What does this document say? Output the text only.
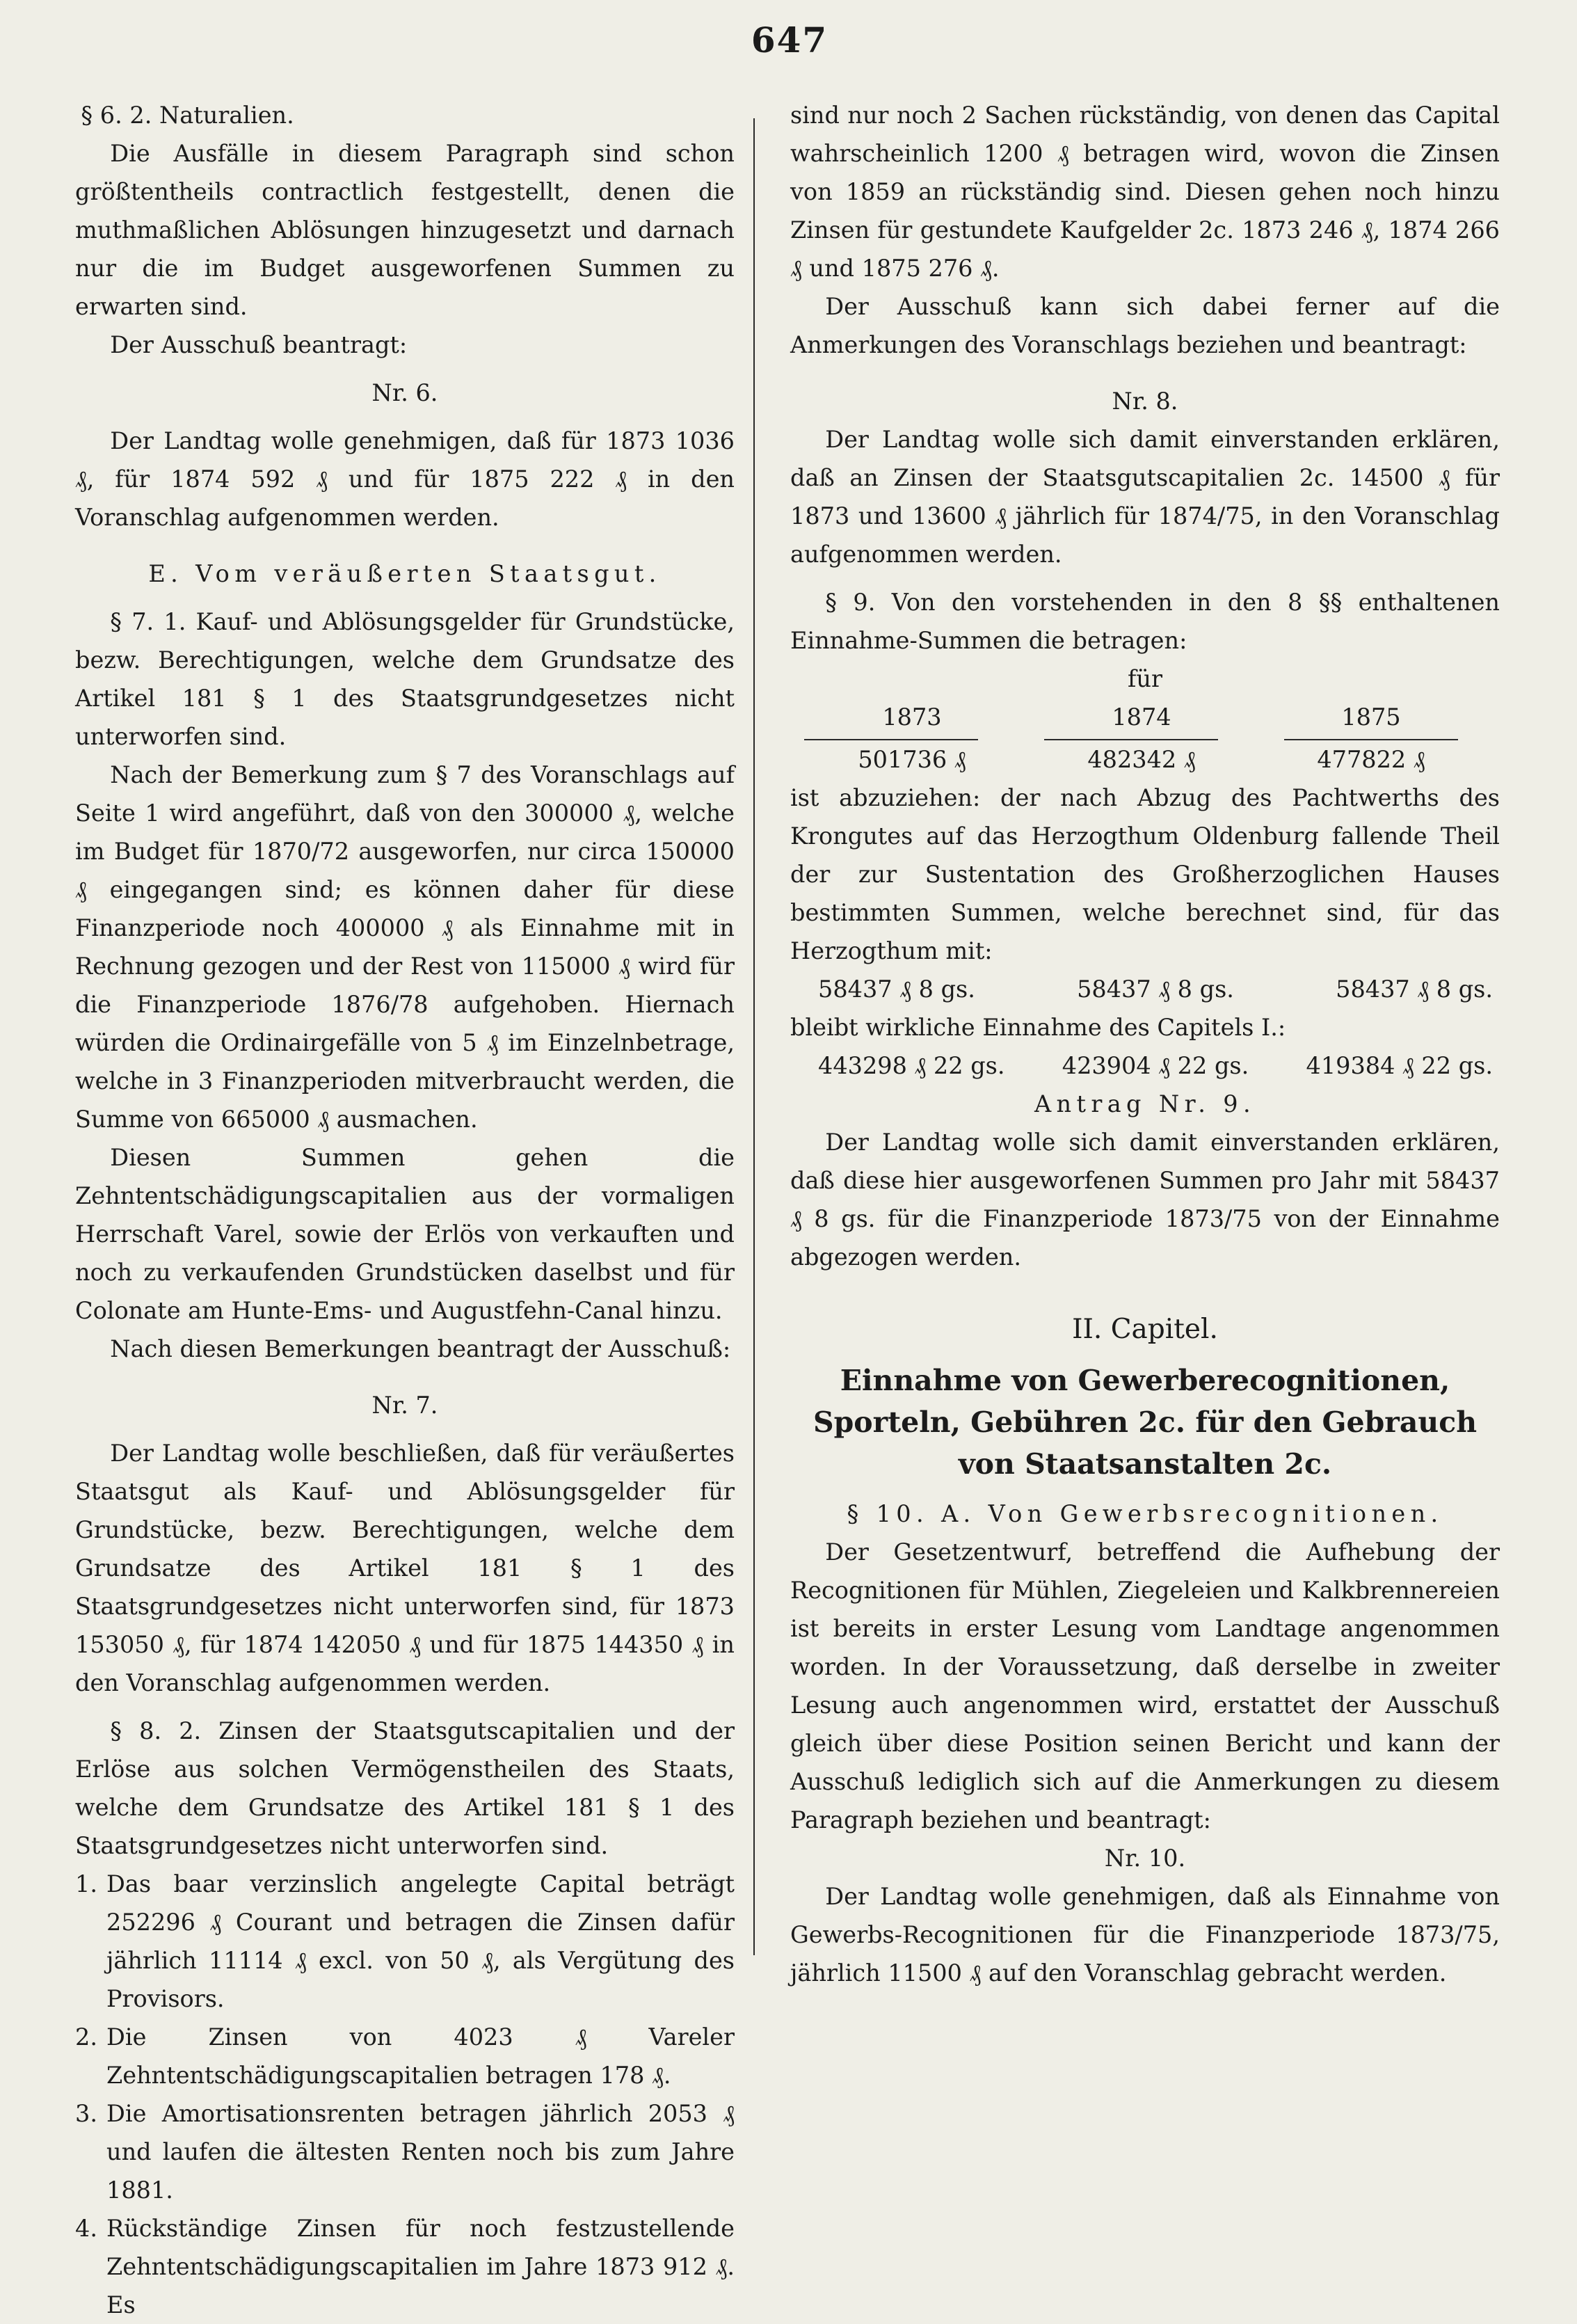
647

§ 6. 2. Naturalien.

Die Ausfälle in diesem Paragraph sind schon größtentheils contractlich festgestellt, denen die muthmaßlichen Ablösungen hinzugesetzt und darnach nur die im Budget ausgeworfenen Summen zu erwarten sind.

Der Ausschuß beantragt:

Nr. 6.

Der Landtag wolle genehmigen, daß für 1873 1036 ₰, für 1874 592 ₰ und für 1875 222 ₰ in den Voranschlag aufgenommen werden.

E. Vom veräußerten Staatsgut.

§ 7. 1. Kauf- und Ablösungsgelder für Grundstücke, bezw. Berechtigungen, welche dem Grundsatze des Artikel 181 § 1 des Staatsgrundgesetzes nicht unterworfen sind.

Nach der Bemerkung zum § 7 des Voranschlags auf Seite 1 wird angeführt, daß von den 300000 ₰, welche im Budget für 1870/72 ausgeworfen, nur circa 150000 ₰ eingegangen sind; es können daher für diese Finanzperiode noch 400000 ₰ als Einnahme mit in Rechnung gezogen und der Rest von 115000 ₰ wird für die Finanzperiode 1876/78 aufgehoben. Hiernach würden die Ordinairgefälle von 5 ₰ im Einzelnbetrage, welche in 3 Finanzperioden mitverbraucht werden, die Summe von 665000 ₰ ausmachen.

Diesen Summen gehen die Zehntentschädigungscapitalien aus der vormaligen Herrschaft Varel, sowie der Erlös von verkauften und noch zu verkaufenden Grundstücken daselbst und für Colonate am Hunte-Ems- und Augustfehn-Canal hinzu.

Nach diesen Bemerkungen beantragt der Ausschuß:

Nr. 7.

Der Landtag wolle beschließen, daß für veräußertes Staatsgut als Kauf- und Ablösungsgelder für Grundstücke, bezw. Berechtigungen, welche dem Grundsatze des Artikel 181 § 1 des Staatsgrundgesetzes nicht unterworfen sind, für 1873 153050 ₰, für 1874 142050 ₰ und für 1875 144350 ₰ in den Voranschlag aufgenommen werden.

§ 8. 2. Zinsen der Staatsgutscapitalien und der Erlöse aus solchen Vermögenstheilen des Staats, welche dem Grundsatze des Artikel 181 § 1 des Staatsgrundgesetzes nicht unterworfen sind.

1. Das baar verzinslich angelegte Capital beträgt 252296 ₰ Courant und betragen die Zinsen dafür jährlich 11114 ₰ excl. von 50 ₰, als Vergütung des Provisors.
2. Die Zinsen von 4023 ₰ Vareler Zehntentschädigungscapitalien betragen 178 ₰.
3. Die Amortisationsrenten betragen jährlich 2053 ₰ und laufen die ältesten Renten noch bis zum Jahre 1881.
4. Rückständige Zinsen für noch festzustellende Zehntentschädigungscapitalien im Jahre 1873 912 ₰. Es

sind nur noch 2 Sachen rückständig, von denen das Capital wahrscheinlich 1200 ₰ betragen wird, wovon die Zinsen von 1859 an rückständig sind. Diesen gehen noch hinzu Zinsen für gestundete Kaufgelder 2c. 1873 246 ₰, 1874 266 ₰ und 1875 276 ₰.

Der Ausschuß kann sich dabei ferner auf die Anmerkungen des Voranschlags beziehen und beantragt:

Nr. 8.

Der Landtag wolle sich damit einverstanden erklären, daß an Zinsen der Staatsgutscapitalien 2c. 14500 ₰ für 1873 und 13600 ₰ jährlich für 1874/75, in den Voranschlag aufgenommen werden.

§ 9. Von den vorstehenden in den 8 §§ enthaltenen Einnahme-Summen die betragen:

für

1873	1874	1875
501736 ₰	482342 ₰	477822 ₰

ist abzuziehen: der nach Abzug des Pachtwerths des Krongutes auf das Herzogthum Oldenburg fallende Theil der zur Sustentation des Großherzoglichen Hauses bestimmten Summen, welche berechnet sind, für das Herzogthum mit:

58437 ₰ 8 gs.	58437 ₰ 8 gs.	58437 ₰ 8 gs.

bleibt wirkliche Einnahme des Capitels I.:

443298 ₰ 22 gs. 423904 ₰ 22 gs. 419384 ₰ 22 gs.

Antrag Nr. 9.

Der Landtag wolle sich damit einverstanden erklären, daß diese hier ausgeworfenen Summen pro Jahr mit 58437 ₰ 8 gs. für die Finanzperiode 1873/75 von der Einnahme abgezogen werden.

II. Capitel.

Einnahme von Gewerberecognitionen, Sporteln, Gebühren 2c. für den Gebrauch von Staatsanstalten 2c.

§ 10. A. Von Gewerbsrecognitionen.

Der Gesetzentwurf, betreffend die Aufhebung der Recognitionen für Mühlen, Ziegeleien und Kalkbrennereien ist bereits in erster Lesung vom Landtage angenommen worden. In der Voraussetzung, daß derselbe in zweiter Lesung auch angenommen wird, erstattet der Ausschuß gleich über diese Position seinen Bericht und kann der Ausschuß lediglich sich auf die Anmerkungen zu diesem Paragraph beziehen und beantragt:

Nr. 10.

Der Landtag wolle genehmigen, daß als Einnahme von Gewerbs-Recognitionen für die Finanzperiode 1873/75, jährlich 11500 ₰ auf den Voranschlag gebracht werden.
